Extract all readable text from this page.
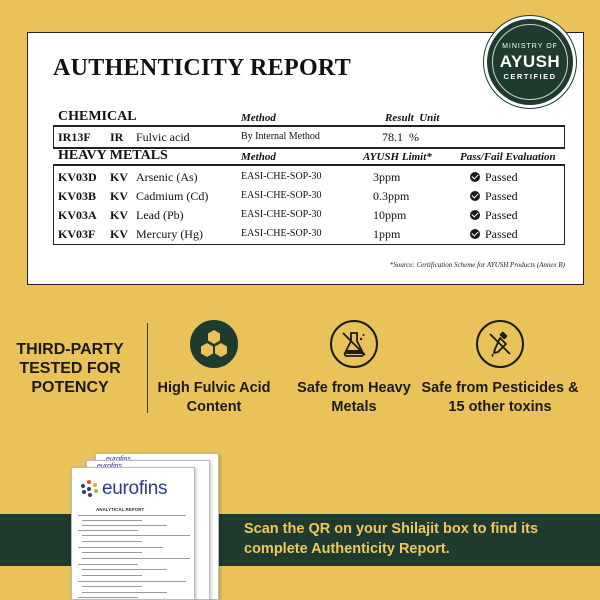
AUTHENTICITY REPORT
CHEMICAL	Method	Result Unit
IR13F IR Fulvic acid	By Internal Method	78.1 %
HEAVY METALS	Method	AYUSH Limit*	Pass/Fail Evaluation
KV03D KV Arsenic (As)	EASI-CHE-SOP-30	3ppm	Passed
KV03B KV Cadmium (Cd)	EASI-CHE-SOP-30	0.3ppm	Passed
KV03A KV Lead (Pb)	EASI-CHE-SOP-30	10ppm	Passed
KV03F KV Mercury (Hg)	EASI-CHE-SOP-30	1ppm	Passed
*Source: Certification Scheme for AYUSH Products (Annex B)
MINISTRY OF
AYUSH
CERTIFIED
THIRD-PARTY TESTED FOR POTENCY	High Fulvic Acid Content
Safe from Heavy Metals
Safe from Pesticides & 15 other toxins
Scan the QR on your Shilajit box to find its complete Authenticity Report.
eurofins
ANALYTICAL REPORT
